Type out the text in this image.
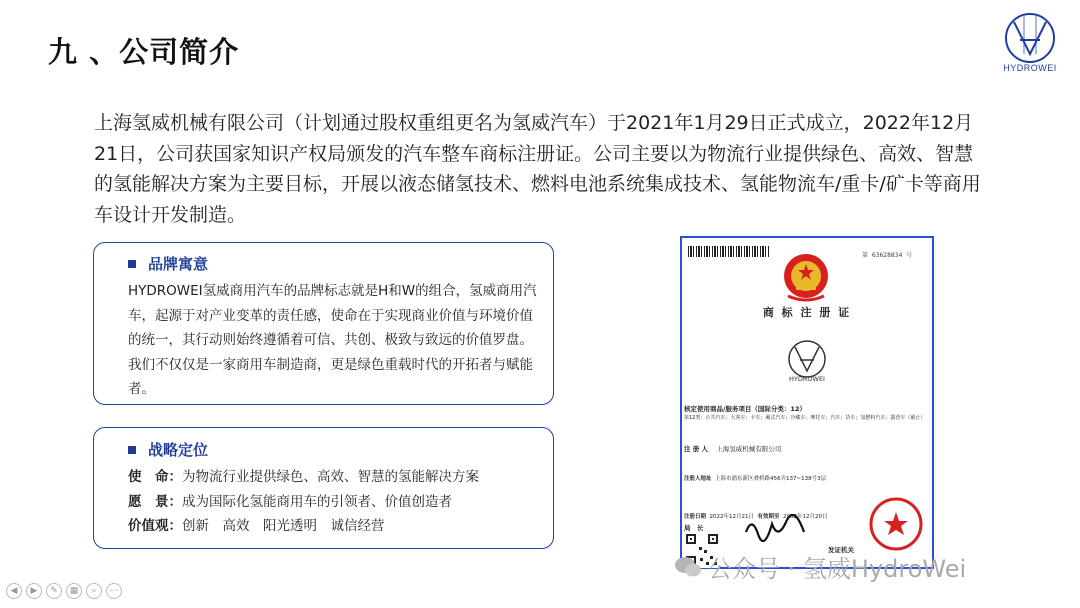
九 、公司简介	HYDROWEI
上海氢威机械有限公司（计划通过股权重组更名为氢威汽车）于2021年1月29日正式成立，2022年12月21日，公司获国家知识产权局颁发的汽车整车商标注册证。公司主要以为物流行业提供绿色、高效、智慧的氢能解决方案为主要目标，开展以液态储氢技术、燃料电池系统集成技术、氢能物流车/重卡/矿卡等商用车设计开发制造。
品牌寓意
HYDROWEI氢威商用汽车的品牌标志就是H和W的组合，氢威商用汽车，起源于对产业变革的责任感，使命在于实现商业价值与环境价值的统一，其行动则始终遵循着可信、共创、极致与致远的价值罗盘。我们不仅仅是一家商用车制造商，更是绿色重载时代的开拓者与赋能者。
战略定位
使　命：为物流行业提供绿色、高效、智慧的氢能解决方案
愿　景：成为国际化氢能商用车的引领者、价值创造者
价值观：创新　高效　阳光透明　诚信经营
第 63628834 号
商 标 注 册 证
HYDROWEI
核定使用商品/服务项目（国际分类：12）
第12类：公共汽车；大客车；卡车；厢式汽车；冷藏车；摩托车；汽车；货车；氢燃料汽车；露营车（截止）
注 册 人 上海氢威机械有限公司
注册人地址 上海市浦东新区叠桥路456弄137~138号3层
注册日期 2022年12月21日 有效期至 2032年12月20日
局　长
发证机关
公众号 · 氢威HydroWei
◀	▶	✎	▦	⌕	⋯
